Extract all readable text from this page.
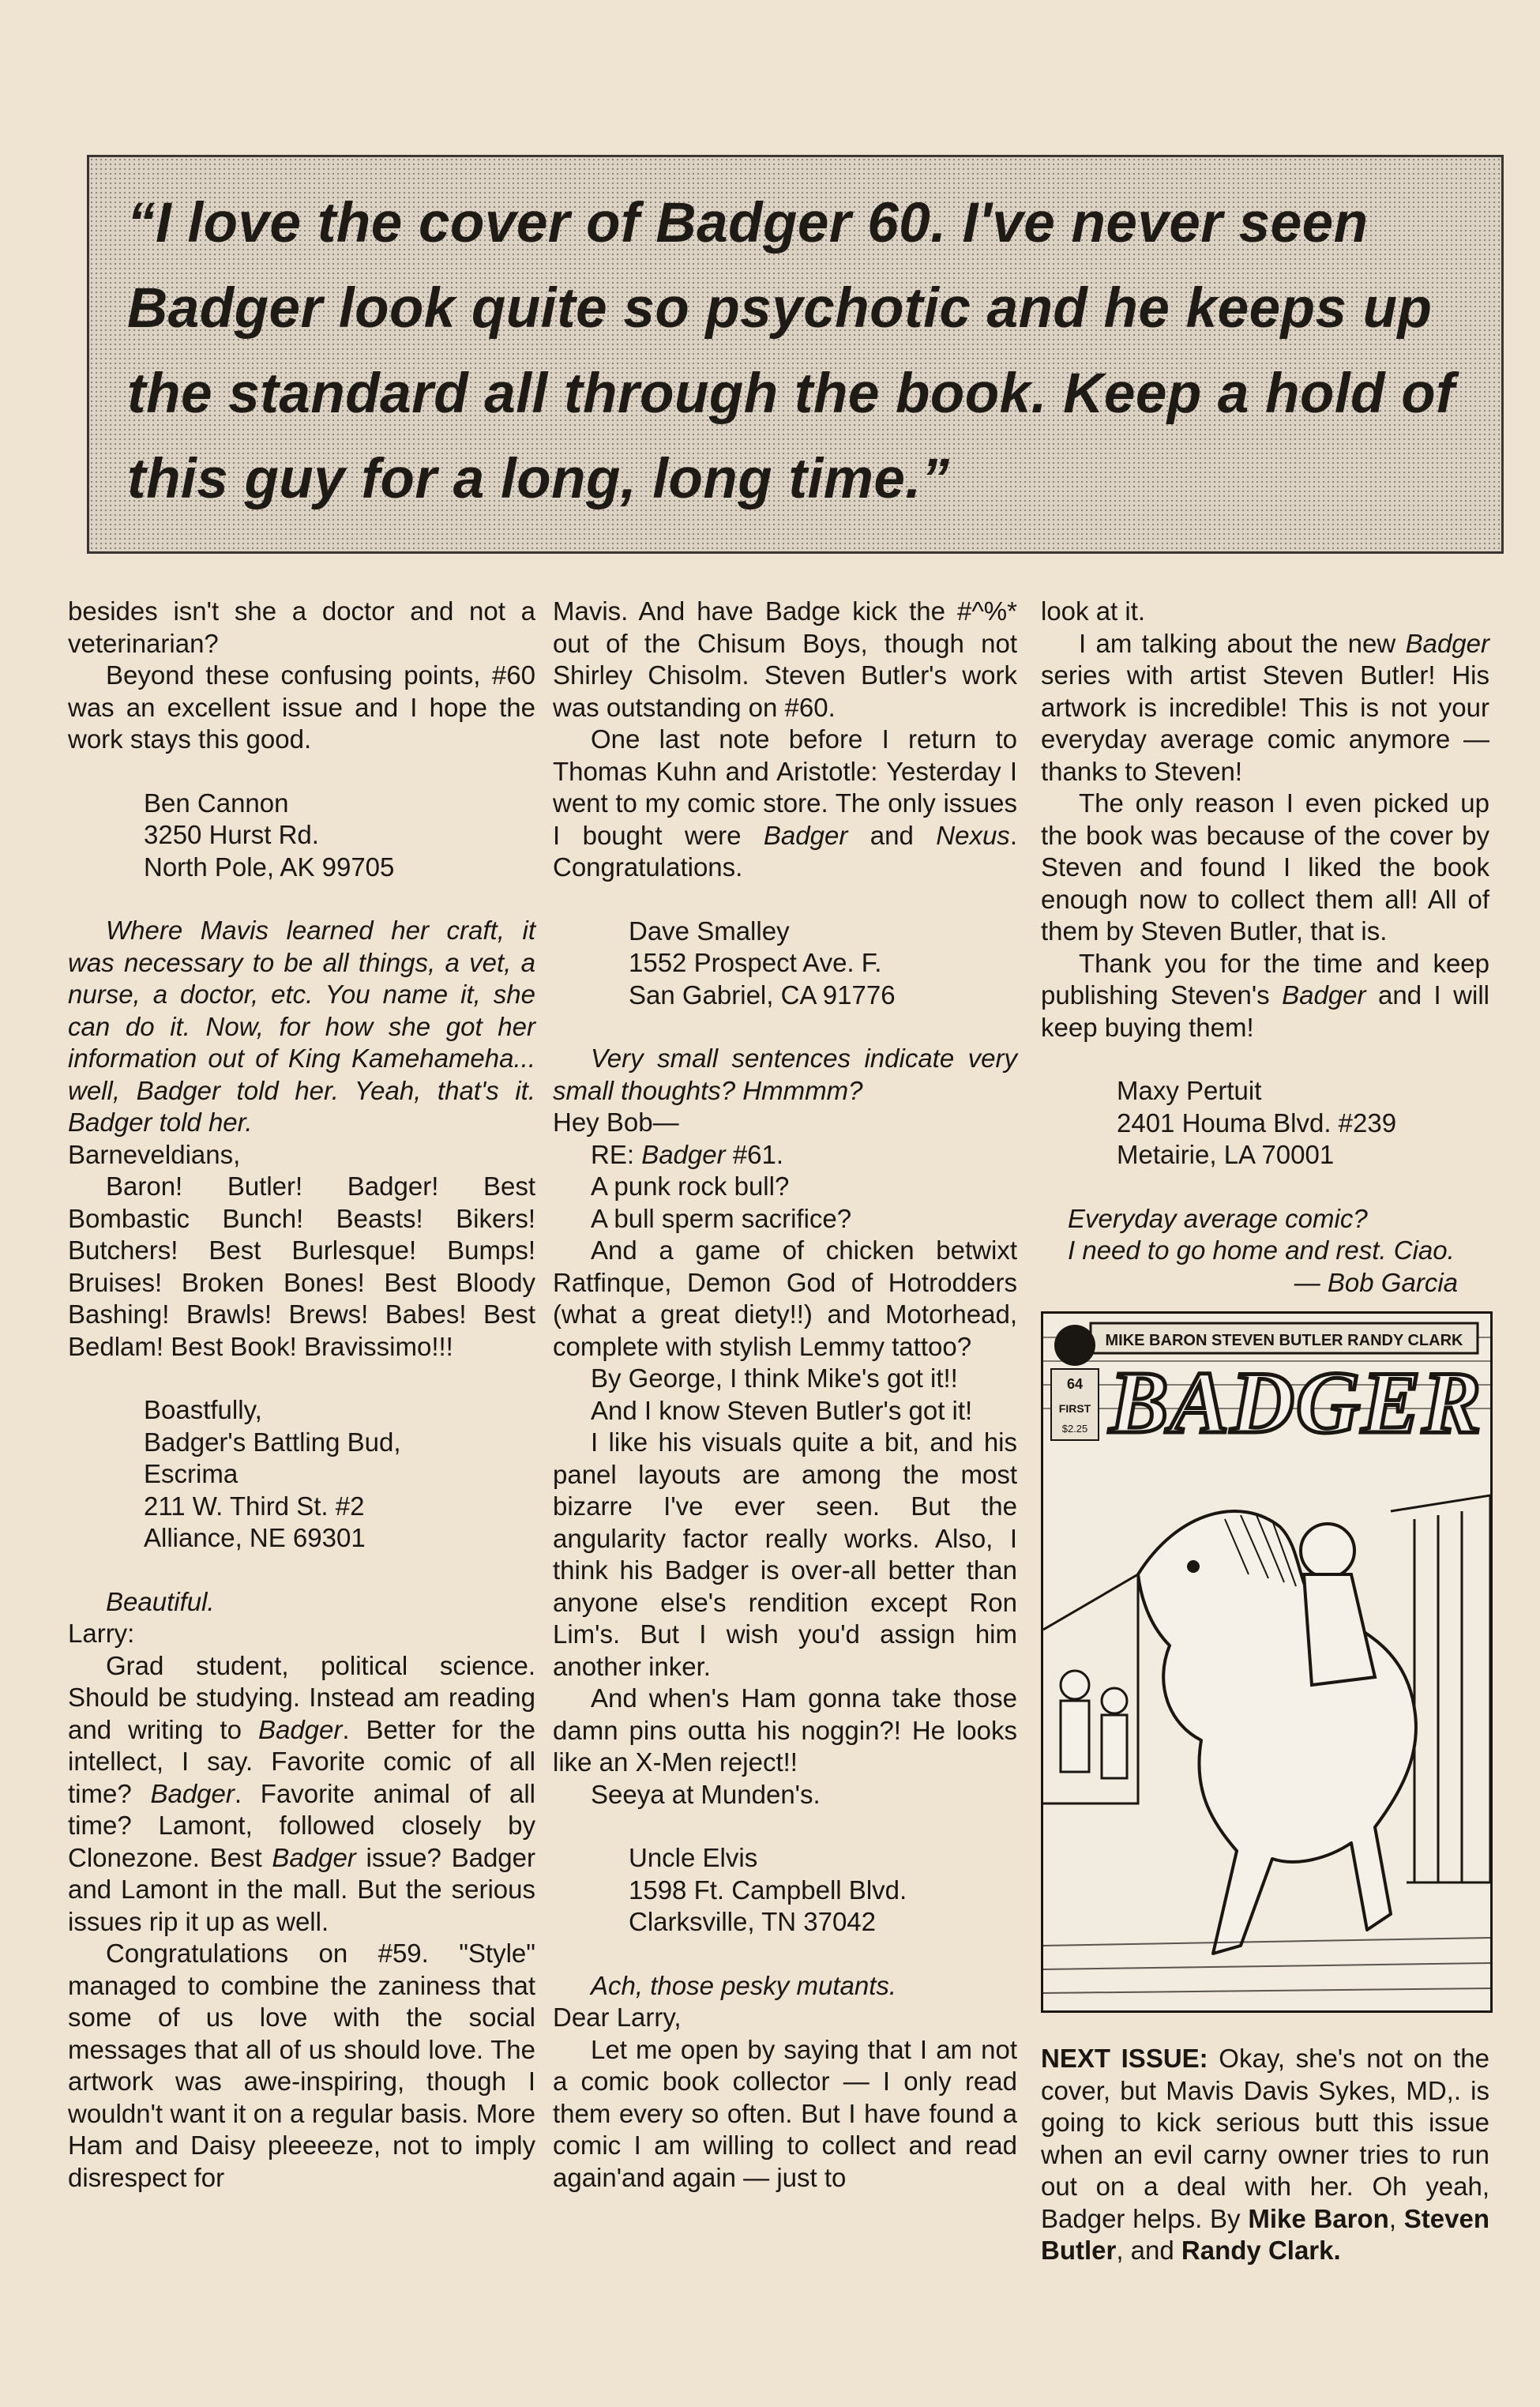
“I love the cover of Badger 60. I've never seen Badger look quite so psychotic and he keeps up the standard all through the book. Keep a hold of this guy for a long, long time.”

besides isn't she a doctor and not a veterinarian?

Beyond these confusing points, #60 was an excellent issue and I hope the work stays this good.

Ben Cannon
3250 Hurst Rd.
North Pole, AK 99705

Where Mavis learned her craft, it was necessary to be all things, a vet, a nurse, a doctor, etc. You name it, she can do it. Now, for how she got her information out of King Kamehameha... well, Badger told her. Yeah, that's it. Badger told her.

Barneveldians,

Baron! Butler! Badger! Best Bombastic Bunch! Beasts! Bikers! Butchers! Best Burlesque! Bumps! Bruises! Broken Bones! Best Bloody Bashing! Brawls! Brews! Babes! Best Bedlam! Best Book! Bravissimo!!!

Boastfully,
Badger's Battling Bud,
Escrima
211 W. Third St. #2
Alliance, NE 69301

Beautiful.

Larry:

Grad student, political science. Should be studying. Instead am reading and writing to Badger. Better for the intellect, I say. Favorite comic of all time? Badger. Favorite animal of all time? Lamont, followed closely by Clonezone. Best Badger issue? Badger and Lamont in the mall. But the serious issues rip it up as well.

Congratulations on #59. "Style" managed to combine the zaniness that some of us love with the social messages that all of us should love. The artwork was awe-inspiring, though I wouldn't want it on a regular basis. More Ham and Daisy pleeeeze, not to imply disrespect for

Mavis. And have Badge kick the #^%* out of the Chisum Boys, though not Shirley Chisolm. Steven Butler's work was outstanding on #60.

One last note before I return to Thomas Kuhn and Aristotle: Yesterday I went to my comic store. The only issues I bought were Badger and Nexus. Congratulations.

Dave Smalley
1552 Prospect Ave. F.
San Gabriel, CA 91776

Very small sentences indicate very small thoughts? Hmmmm?

Hey Bob—

RE: Badger #61.

A punk rock bull?

A bull sperm sacrifice?

And a game of chicken betwixt Ratfinque, Demon God of Hotrodders (what a great diety!!) and Motorhead, complete with stylish Lemmy tattoo?

By George, I think Mike's got it!!

And I know Steven Butler's got it!

I like his visuals quite a bit, and his panel layouts are among the most bizarre I've ever seen. But the angularity factor really works. Also, I think his Badger is over-all better than anyone else's rendition except Ron Lim's. But I wish you'd assign him another inker.

And when's Ham gonna take those damn pins outta his noggin?! He looks like an X-Men reject!!

Seeya at Munden's.

Uncle Elvis
1598 Ft. Campbell Blvd.
Clarksville, TN 37042

Ach, those pesky mutants.

Dear Larry,

Let me open by saying that I am not a comic book collector — I only read them every so often. But I have found a comic I am willing to collect and read again'and again — just to

look at it.

I am talking about the new Badger series with artist Steven Butler! His artwork is incredible! This is not your everyday average comic anymore — thanks to Steven!

The only reason I even picked up the book was because of the cover by Steven and found I liked the book enough now to collect them all! All of them by Steven Butler, that is.

Thank you for the time and keep publishing Steven's Badger and I will keep buying them!

Maxy Pertuit
2401 Houma Blvd. #239
Metairie, LA 70001
Everyday average comic?
I need to go home and rest. Ciao.
— Bob Garcia
MIKE BARON STEVEN BUTLER RANDY CLARK
64
FIRST
$2.25 BADGER

NEXT ISSUE: Okay, she's not on the cover, but Mavis Davis Sykes, MD,. is going to kick serious butt this issue when an evil carny owner tries to run out on a deal with her. Oh yeah, Badger helps. By Mike Baron, Steven Butler, and Randy Clark.
